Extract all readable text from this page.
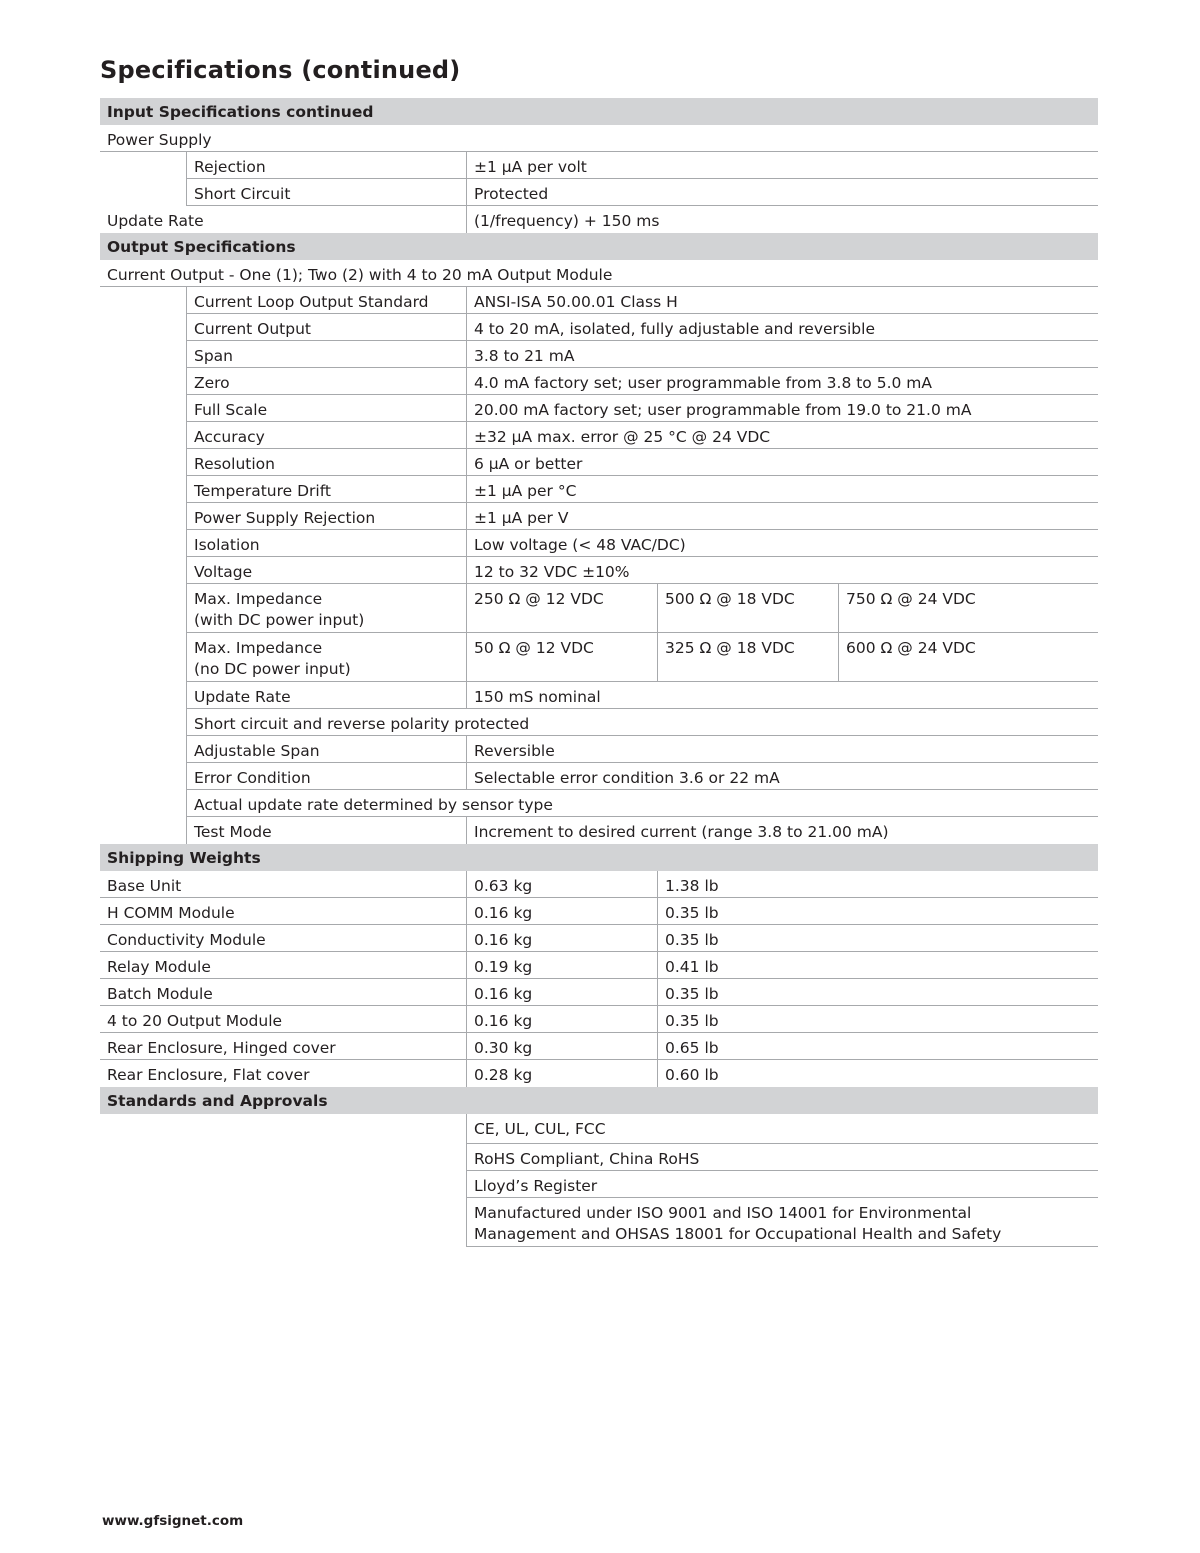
Specifications (continued)
Input Specifications continued
Power Supply
Rejection	±1 µA per volt
Short Circuit	Protected
Update Rate	(1/frequency) + 150 ms
Output Specifications
Current Output - One (1); Two (2) with 4 to 20 mA Output Module
Current Loop Output Standard	ANSI-ISA 50.00.01 Class H
Current Output	4 to 20 mA, isolated, fully adjustable and reversible
Span	3.8 to 21 mA
Zero	4.0 mA factory set; user programmable from 3.8 to 5.0 mA
Full Scale	20.00 mA factory set; user programmable from 19.0 to 21.0 mA
Accuracy	±32 µA max. error @ 25 °C @ 24 VDC
Resolution	6 µA or better
Temperature Drift	±1 µA per °C
Power Supply Rejection	±1 µA per V
Isolation	Low voltage (< 48 VAC/DC)
Voltage	12 to 32 VDC ±10%
Max. Impedance
(with DC power input)
250 Ω @ 12 VDC	500 Ω @ 18 VDC	750 Ω @ 24 VDC
Max. Impedance
(no DC power input)
50 Ω @ 12 VDC	325 Ω @ 18 VDC	600 Ω @ 24 VDC
Update Rate	150 mS nominal
Short circuit and reverse polarity protected
Adjustable Span	Reversible
Error Condition	Selectable error condition 3.6 or 22 mA
Actual update rate determined by sensor type
Test Mode	Increment to desired current (range 3.8 to 21.00 mA)
Shipping Weights
Base Unit	0.63 kg	1.38 lb
H COMM Module	0.16 kg	0.35 lb
Conductivity Module	0.16 kg	0.35 lb
Relay Module	0.19 kg	0.41 lb
Batch Module	0.16 kg	0.35 lb
4 to 20 Output Module	0.16 kg	0.35 lb
Rear Enclosure, Hinged cover	0.30 kg	0.65 lb
Rear Enclosure, Flat cover	0.28 kg	0.60 lb
Standards and Approvals
CE, UL, CUL, FCC
RoHS Compliant, China RoHS
Lloyd’s Register
Manufactured under ISO 9001 and ISO 14001 for Environmental Management and OHSAS 18001 for Occupational Health and Safety
www.gfsignet.com
